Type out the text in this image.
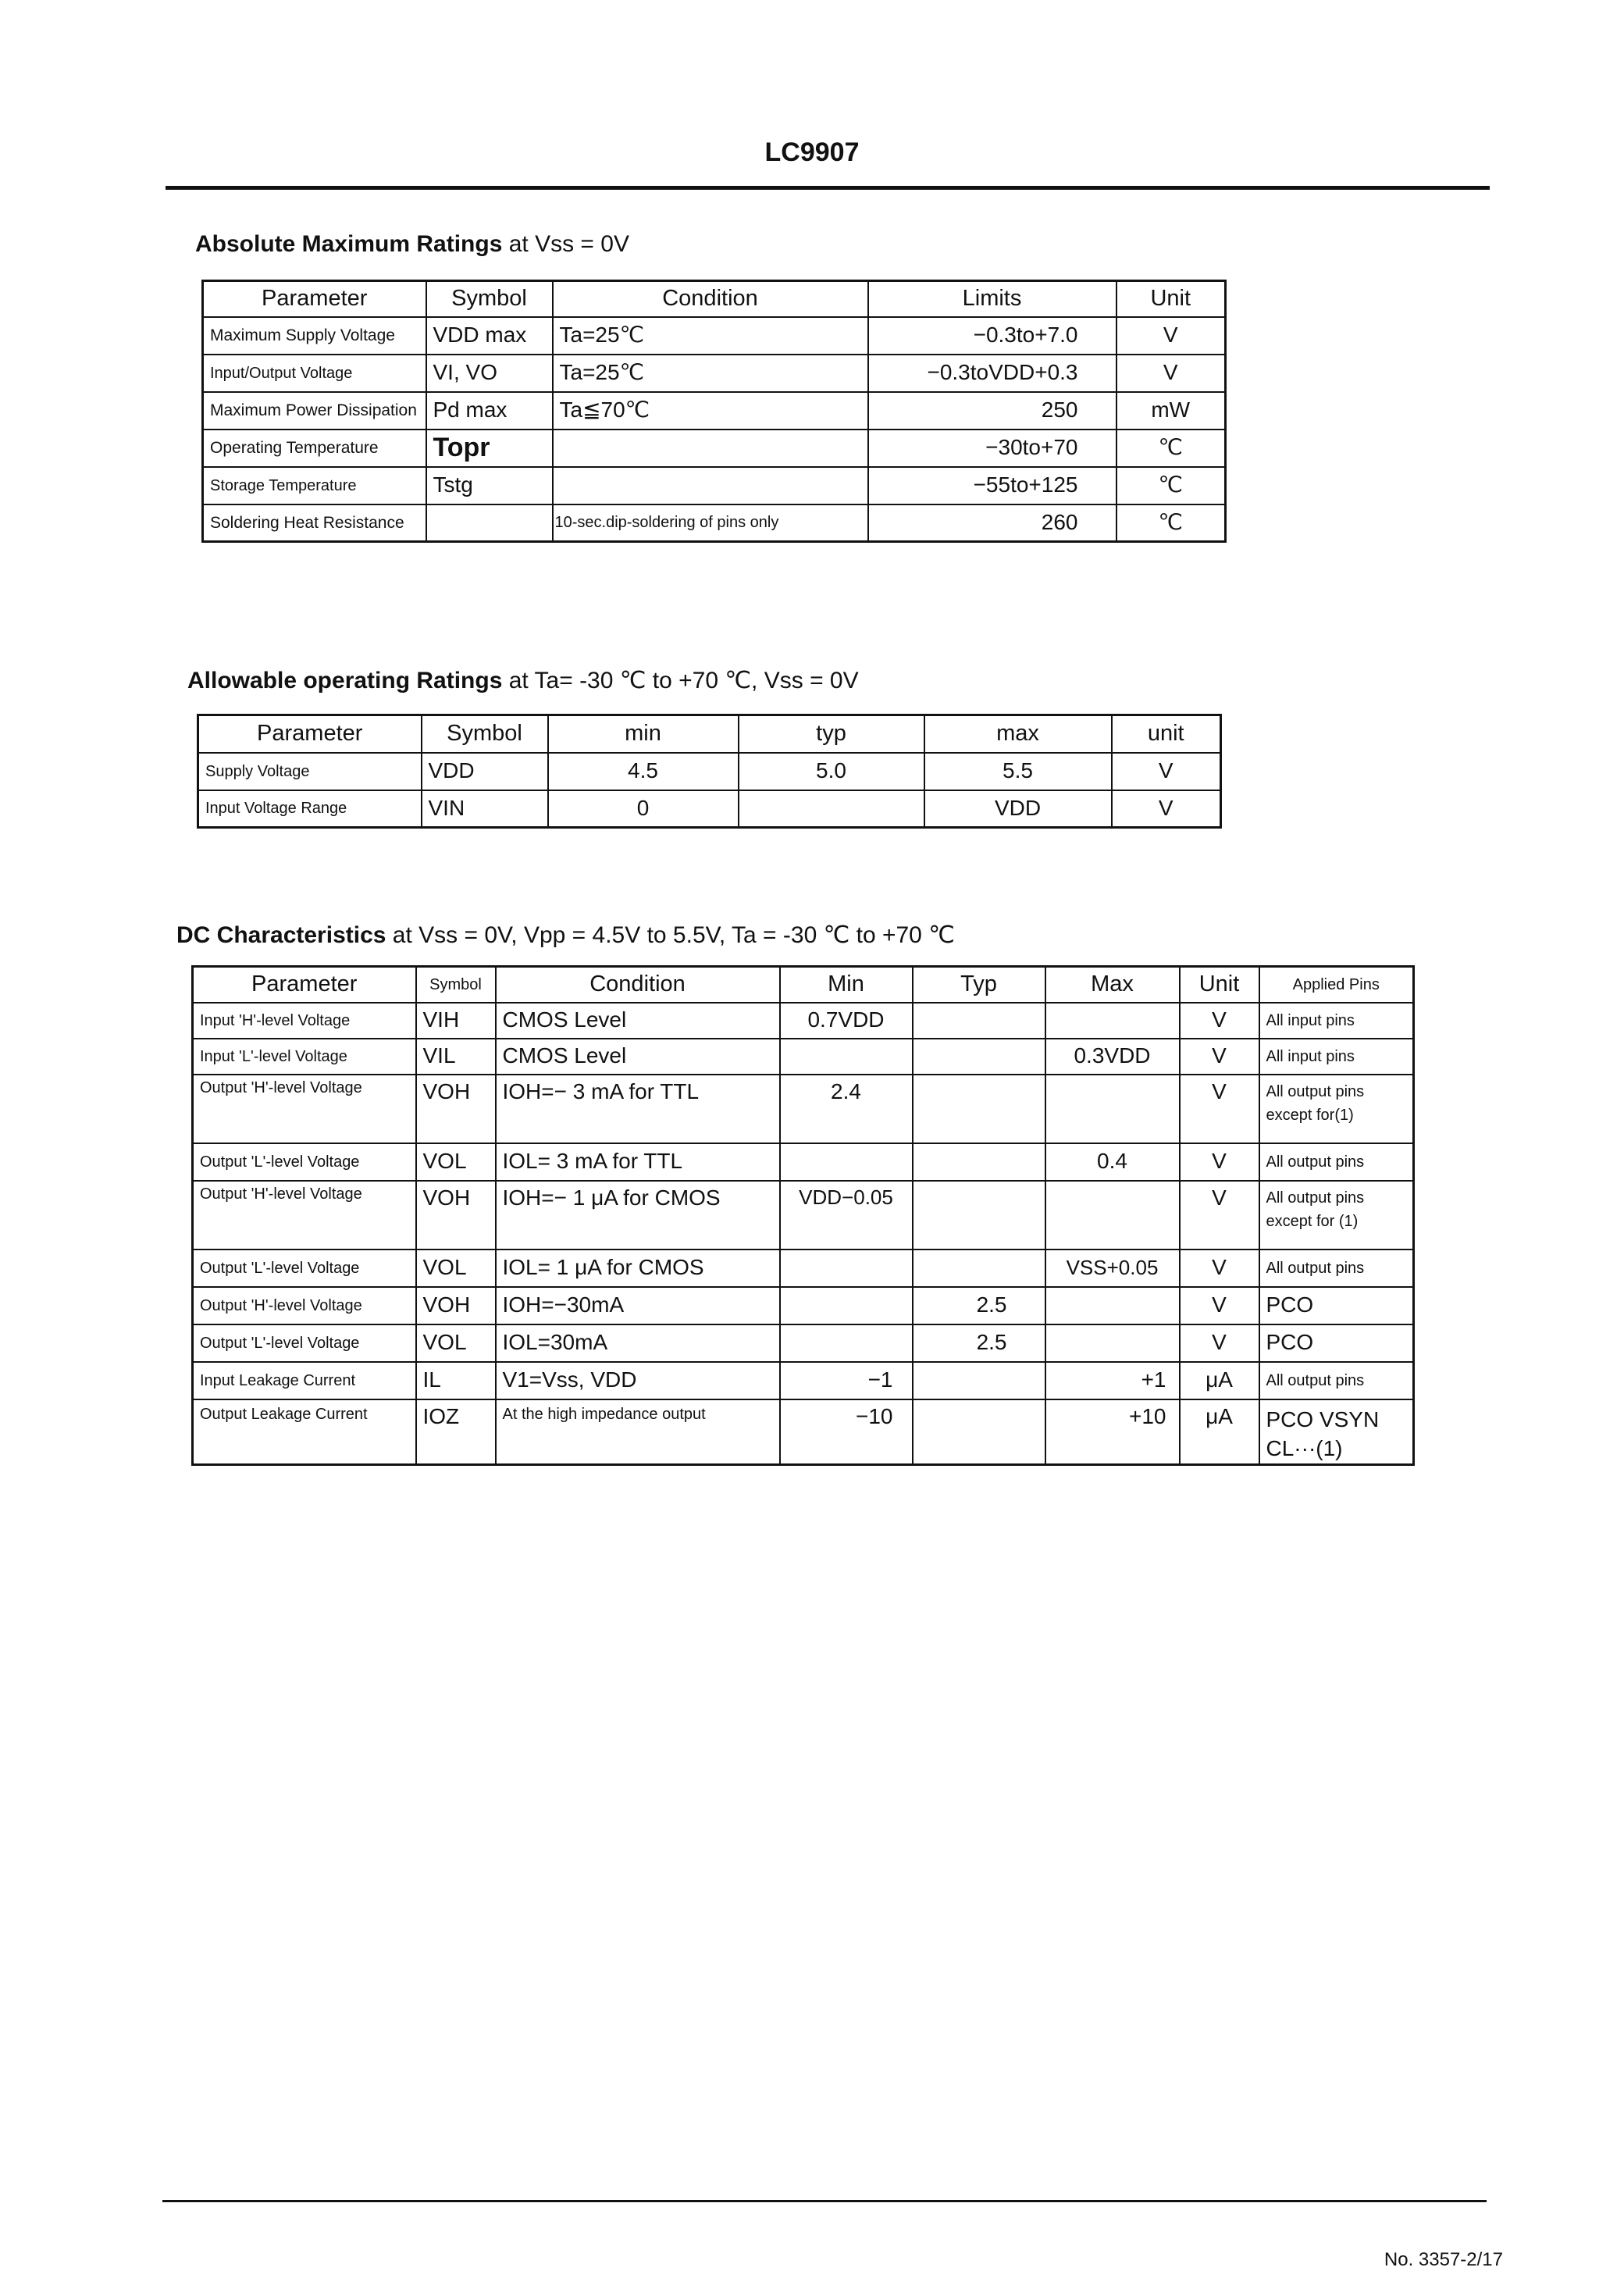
LC9907
Absolute Maximum Ratings at Vss = 0V
Parameter	Symbol	Condition	Limits	Unit
Maximum Supply Voltage	VDD max	Ta=25℃	−0.3to+7.0	V
Input/Output Voltage	VI, VO	Ta=25℃	−0.3toVDD+0.3	V
Maximum Power Dissipation	Pd max	Ta≦70℃	250	mW
Operating Temperature	Topr		−30to+70	℃
Storage Temperature	Tstg		−55to+125	℃
Soldering Heat Resistance		10-sec.dip-soldering of pins only	260	℃
Allowable operating Ratings at Ta= -30 ℃ to +70 ℃, Vss = 0V
Parameter	Symbol	min	typ	max	unit
Supply Voltage	VDD	4.5	5.0	5.5	V
Input Voltage Range	VIN	0		VDD	V
DC Characteristics at Vss = 0V, Vpp = 4.5V to 5.5V, Ta = -30 ℃ to +70 ℃
Parameter	Symbol	Condition	Min	Typ	Max	Unit	Applied Pins
Input 'H'-level Voltage	VIH	CMOS Level	0.7VDD			V	All input pins
Input 'L'-level Voltage	VIL	CMOS Level			0.3VDD	V	All input pins
Output 'H'-level Voltage	VOH	IOH=− 3 mA for TTL	2.4			V	All output pins except for(1)
Output 'L'-level Voltage	VOL	IOL= 3 mA for TTL			0.4	V	All output pins
Output 'H'-level Voltage	VOH	IOH=− 1 μA for CMOS	VDD−0.05			V	All output pins except for (1)
Output 'L'-level Voltage	VOL	IOL= 1 μA for CMOS			VSS+0.05	V	All output pins
Output 'H'-level Voltage	VOH	IOH=−30mA		2.5		V	PCO
Output 'L'-level Voltage	VOL	IOL=30mA		2.5		V	PCO
Input Leakage Current	IL	V1=Vss, VDD	−1		+1	μA	All output pins
Output Leakage Current	IOZ	At the high impedance output	−10		+10	μA	PCO VSYN CL···(1)
No. 3357-2/17
